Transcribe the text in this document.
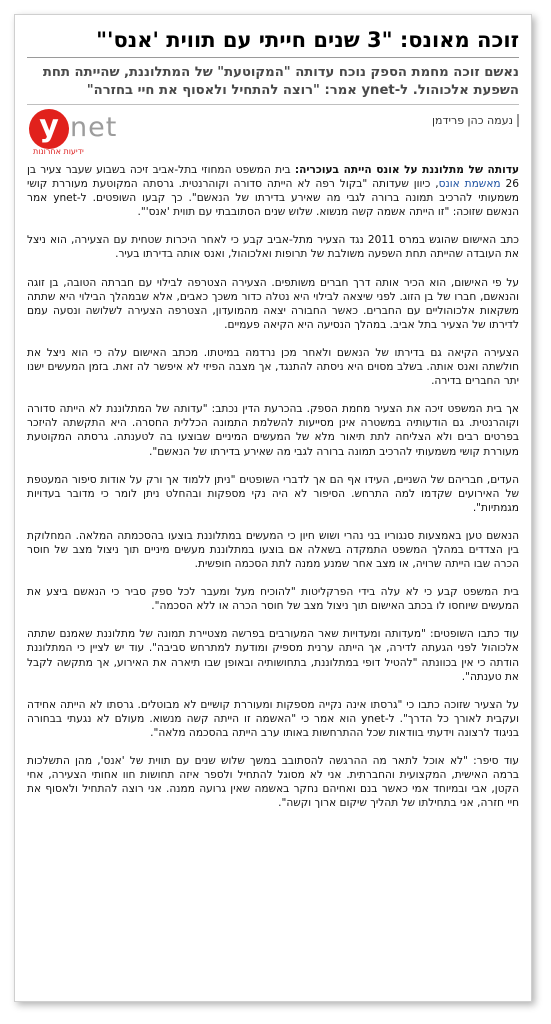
זוכה מאונס: "3 שנים חייתי עם תווית 'אנס'"

נאשם זוכה מחמת הספק נוכח עדותה "המקוטעת" של המתלוננת, שהייתה תחת השפעת אלכוהול. ל-ynet אמר: "רוצה להתחיל ולאסוף את חיי בחזרה"

נעמה כהן פרידמן
y net
ידיעות אחרונות

עדותה של מתלוננת על אונס הייתה בעוכריה: בית המשפט המחוזי בתל-אביב זיכה בשבוע שעבר צעיר בן 26 מאשמת אונס, כיוון שעדותה "בקול רפה לא הייתה סדורה וקוהרנטית. גרסתה המקוטעת מעוררת קושי משמעותי להרכיב תמונה ברורה לגבי מה שאירע בדירתו של הנאשם". כך קבעו השופטים. ל-ynet אמר הנאשם שזוכה: "זו הייתה אשמה קשה מנשוא. שלוש שנים הסתובבתי עם תווית 'אנס'".

כתב האישום שהוגש במרס 2011 נגד הצעיר מתל-אביב קבע כי לאחר היכרות שטחית עם הצעירה, הוא ניצל את העובדה שהייתה תחת השפעה משולבת של תרופות ואלכוהול, ואנס אותה בדירתו בעיר.

על פי האישום, הוא הכיר אותה דרך חברים משותפים. הצעירה הצטרפה לבילוי עם חברתה הטובה, בן זוגה והנאשם, חברו של בן הזוג. לפני שיצאה לבילוי היא נטלה כדור משכך כאבים, אלא שבמהלך הבילוי היא שתתה משקאות אלכוהוליים עם החברים. כאשר החבורה יצאה מהמועדון, הצטרפה הצעירה לשלושה ונסעה עמם לדירתו של הצעיר בתל אביב. במהלך הנסיעה היא הקיאה פעמיים.

הצעירה הקיאה גם בדירתו של הנאשם ולאחר מכן נרדמה במיטתו. מכתב האישום עלה כי הוא ניצל את חולשתה ואנס אותה. בשלב מסוים היא ניסתה להתנגד, אך מצבה הפיזי לא איפשר לה זאת. בזמן המעשים ישנו יתר החברים בדירה.

אך בית המשפט זיכה את הצעיר מחמת הספק. בהכרעת הדין נכתב: "עדותה של המתלוננת לא הייתה סדורה וקוהרנטית. גם הודעותיה במשטרה אינן מסייעות להשלמת התמונה הכללית החסרה. היא התקשתה להיזכר בפרטים רבים ולא הצליחה לתת תיאור מלא של המעשים המיניים שבוצעו בה לטענתה. גרסתה המקוטעת מעוררת קושי משמעותי להרכיב תמונה ברורה לגבי מה שאירע בדירתו של הנאשם".

העדים, חבריהם של השניים, העידו אף הם אך לדברי השופטים "ניתן ללמוד אך ורק על אודות סיפור המעטפת של האירועים שקדמו למה התרחש. הסיפור לא היה נקי מספקות ובהחלט ניתן לומר כי מדובר בעדויות מגמתיות".

הנאשם טען באמצעות סנגוריו בני נהרי ושוש חיון כי המעשים במתלוננת בוצעו בהסכמתה המלאה. המחלוקת בין הצדדים במהלך המשפט התמקדה בשאלה אם בוצעו במתלוננת מעשים מיניים תוך ניצול מצב של חוסר הכרה שבו הייתה שרויה, או מצב אחר שמנע ממנה לתת הסכמה חופשית.

בית המשפט קבע כי לא עלה בידי הפרקליטות "להוכיח מעל ומעבר לכל ספק סביר כי הנאשם ביצע את המעשים שיוחסו לו בכתב האישום תוך ניצול מצב של חוסר הכרה או ללא הסכמה".

עוד כתבו השופטים: "מעדותה ומעדויות שאר המעורבים בפרשה מצטיירת תמונה של מתלוננת שאמנם שתתה אלכוהול לפני הגעתה לדירה, אך הייתה ערנית מספיק ומודעת למתרחש סביבה". עוד יש לציין כי המתלוננת הודתה כי אין בכוונתה "להטיל דופי במתלוננת, בתחושותיה ובאופן שבו תיארה את האירוע, אך מתקשה לקבל את טענתה".

על הצעיר שזוכה כתבו כי "גרסתו אינה נקייה מספקות ומעוררת קושיים לא מבוטלים. גרסתו לא הייתה אחידה ועקבית לאורך כל הדרך". ל-ynet הוא אמר כי "האשמה זו הייתה קשה מנשוא. מעולם לא נגעתי בבחורה בניגוד לרצונה וידעתי בוודאות שכל ההתרחשות באותו ערב הייתה בהסכמה מלאה".

עוד סיפר: "לא אוכל לתאר מה ההרגשה להסתובב במשך שלוש שנים עם תווית של 'אנס', מהן התשלכות ברמה האישית, המקצועית והחברתית. אני לא מסוגל להתחיל ולספר איזה תחושות חוו אחותי הצעירה, אחי הקטן, אבי ובמיוחד אמי כאשר בנם ואחיהם נחקר באשמה שאין גרועה ממנה. אני רוצה להתחיל ולאסוף את חיי חזרה, אני בתחילתו של תהליך שיקום ארוך וקשה".
